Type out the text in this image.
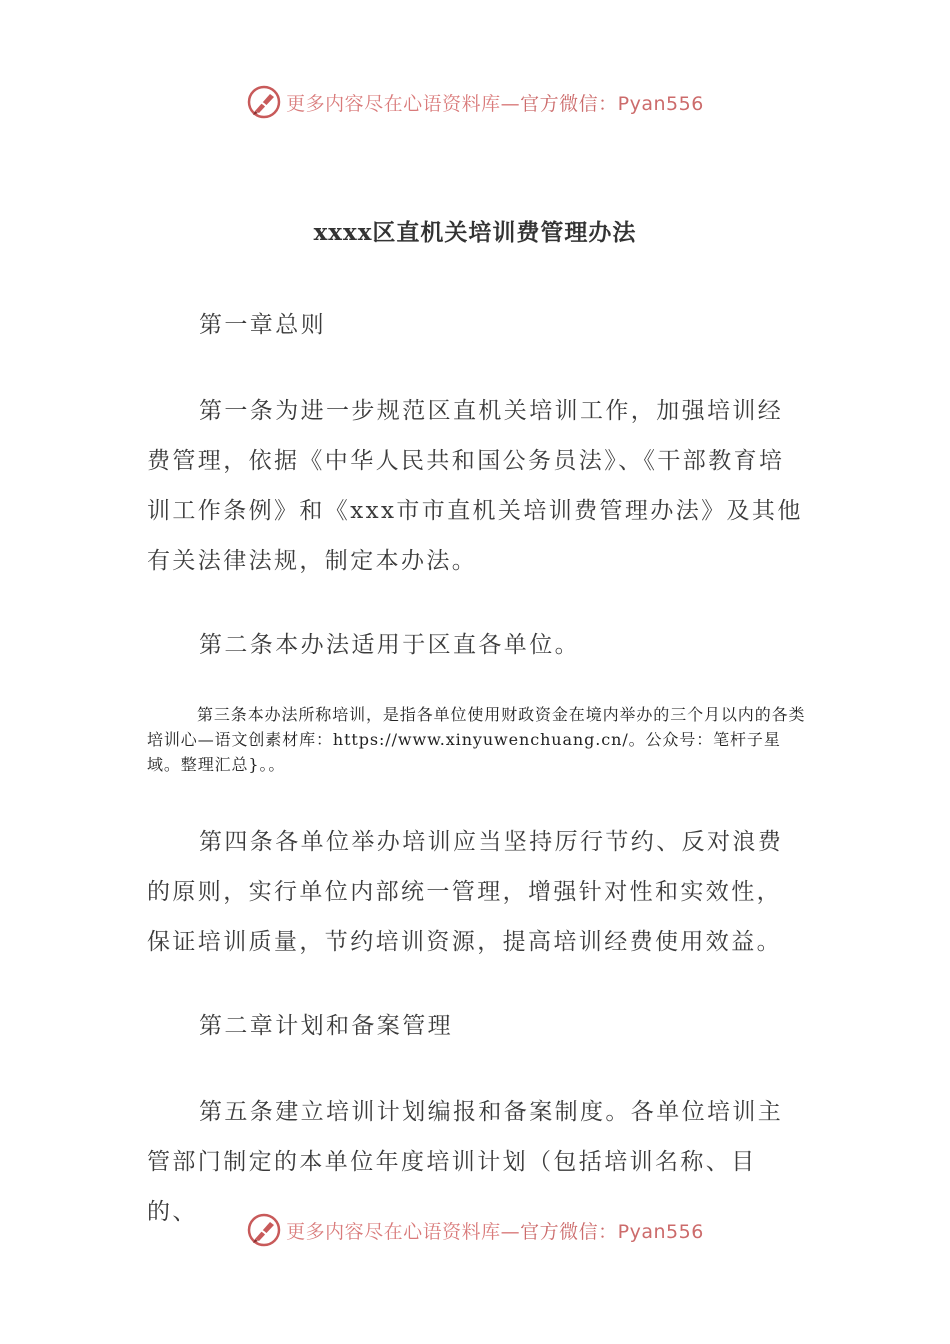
更多内容尽在心语资料库—官方微信：Pyan556
xxxx区直机关培训费管理办法

第一章总则

第一条为进一步规范区直机关培训工作，加强培训经费管理，依据《中华人民共和国公务员法》、《干部教育培训工作条例》和《xxx市市直机关培训费管理办法》及其他有关法律法规，制定本办法。

第二条本办法适用于区直各单位。

第三条本办法所称培训，是指各单位使用财政资金在境内举办的三个月以内的各类培训心—语文创素材库：https://www.xinyuwenchuang.cn/。公众号：笔杆子星域。整理汇总}。。

第四条各单位举办培训应当坚持厉行节约、反对浪费的原则，实行单位内部统一管理，增强针对性和实效性，保证培训质量，节约培训资源，提高培训经费使用效益。

第二章计划和备案管理

第五条建立培训计划编报和备案制度。各单位培训主管部门制定的本单位年度培训计划（包括培训名称、目的、

更多内容尽在心语资料库—官方微信：Pyan556
